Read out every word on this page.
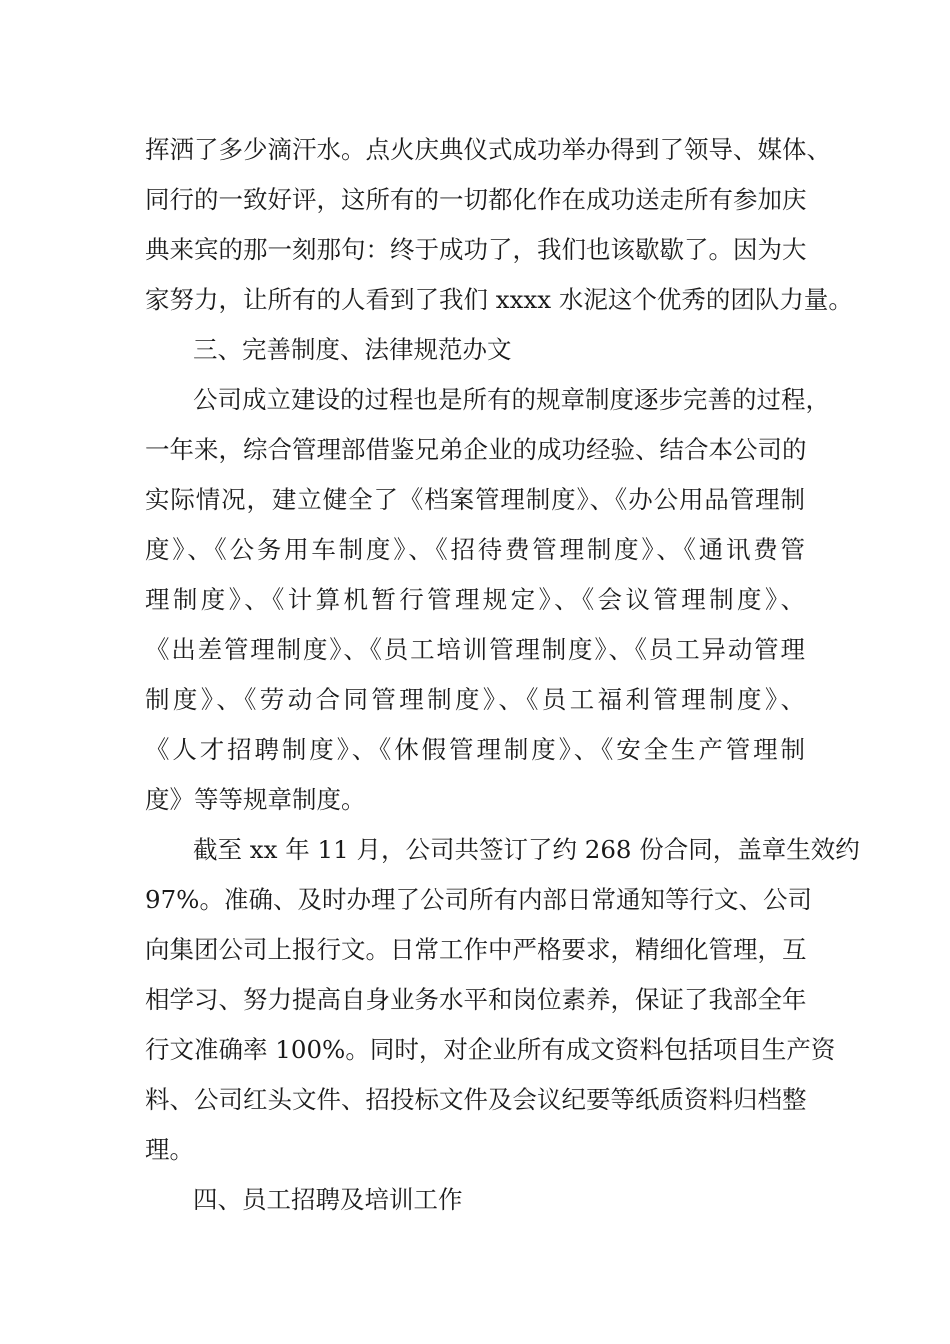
挥洒了多少滴汗水。点火庆典仪式成功举办得到了领导、媒体、
同行的一致好评，这所有的一切都化作在成功送走所有参加庆
典来宾的那一刻那句：终于成功了，我们也该歇歇了。因为大
家努力，让所有的人看到了我们 xxxx 水泥这个优秀的团队力量。
三、完善制度、法律规范办文
公司成立建设的过程也是所有的规章制度逐步完善的过程，
一年来，综合管理部借鉴兄弟企业的成功经验、结合本公司的
实际情况，建立健全了《档案管理制度》、《办公用品管理制
度》、《公务用车制度》、《招待费管理制度》、《通讯费管
理制度》、《计算机暂行管理规定》、《会议管理制度》、
《出差管理制度》、《员工培训管理制度》、《员工异动管理
制度》、《劳动合同管理制度》、《员工福利管理制度》、
《人才招聘制度》、《休假管理制度》、《安全生产管理制
度》等等规章制度。
截至 xx 年 11 月，公司共签订了约 268 份合同，盖章生效约
97%。准确、及时办理了公司所有内部日常通知等行文、公司
向集团公司上报行文。日常工作中严格要求，精细化管理，互
相学习、努力提高自身业务水平和岗位素养，保证了我部全年
行文准确率 100%。同时，对企业所有成文资料包括项目生产资
料、公司红头文件、招投标文件及会议纪要等纸质资料归档整
理。
四、员工招聘及培训工作
